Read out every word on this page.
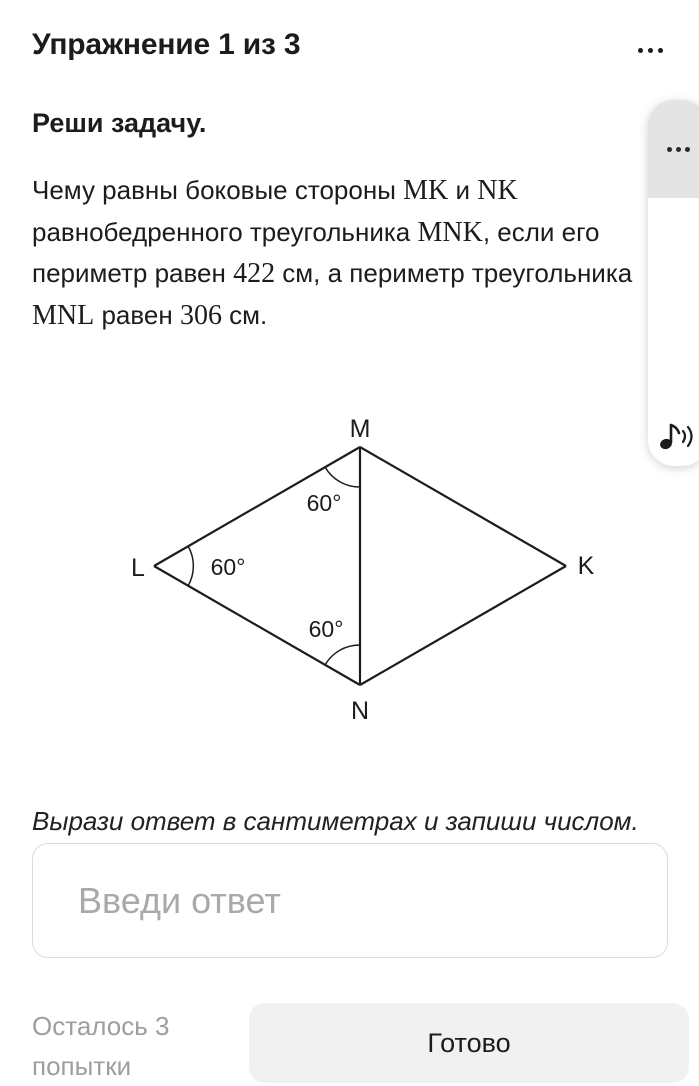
Упражнение 1 из 3
Реши задачу.
Чему равны боковые стороны MK и NK равнобедренного треугольника MNK, если его периметр равен 422 см, а периметр треугольника MNL равен 306 см.
M
N
L	K
60°
60°
60°
Вырази ответ в сантиметрах и запиши числом.
Введи ответ
Осталось 3 попытки
Готово
